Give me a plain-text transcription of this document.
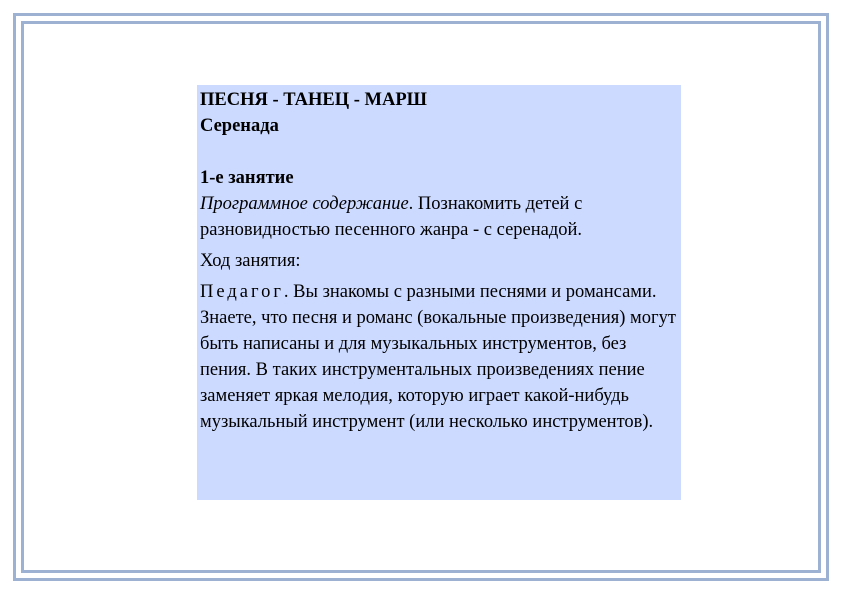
ПЕСНЯ - ТАНЕЦ - МАРШ

Серенада

1-е занятие

Программное содержание. Познакомить детей с разновидностью песенного жанра - с серенадой.

Ход занятия:

Педагог. Вы знакомы с разными песнями и романсами. Знаете, что песня и романс (вокальные произведения) могут быть написаны и для музыкальных инструментов, без пения. В таких инструментальных произведениях пение заменяет яркая мелодия, которую играет какой-нибудь музыкальный инструмент (или несколько инструментов).
